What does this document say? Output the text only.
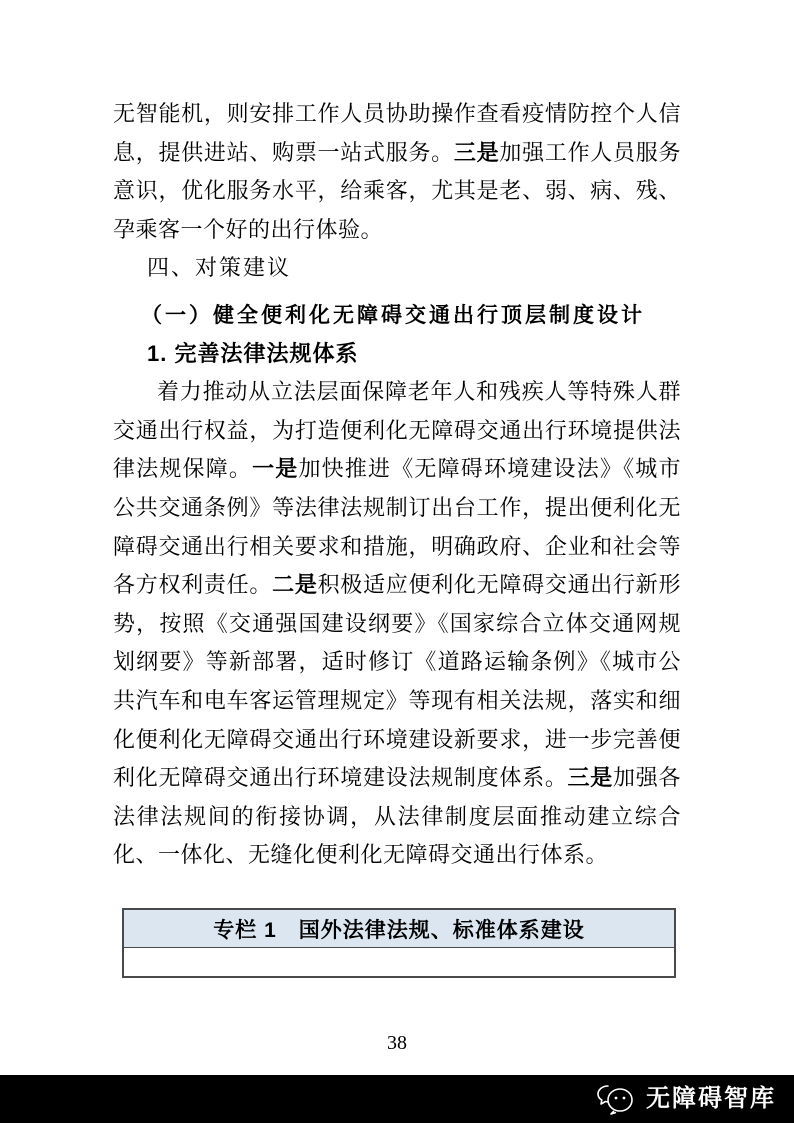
无智能机，则安排工作人员协助操作查看疫情防控个人信息，提供进站、购票一站式服务。三是加强工作人员服务意识，优化服务水平，给乘客，尤其是老、弱、病、残、孕乘客一个好的出行体验。

四、对策建议
（一）健全便利化无障碍交通出行顶层制度设计
1. 完善法律法规体系

着力推动从立法层面保障老年人和残疾人等特殊人群交通出行权益，为打造便利化无障碍交通出行环境提供法律法规保障。一是加快推进《无障碍环境建设法》《城市公共交通条例》等法律法规制订出台工作，提出便利化无障碍交通出行相关要求和措施，明确政府、企业和社会等各方权利责任。二是积极适应便利化无障碍交通出行新形势，按照《交通强国建设纲要》《国家综合立体交通网规划纲要》等新部署，适时修订《道路运输条例》《城市公共汽车和电车客运管理规定》等现有相关法规，落实和细化便利化无障碍交通出行环境建设新要求，进一步完善便利化无障碍交通出行环境建设法规制度体系。三是加强各法律法规间的衔接协调，从法律制度层面推动建立综合化、一体化、无缝化便利化无障碍交通出行体系。

专栏 1　国外法律法规、标准体系建设
38
无障碍智库
